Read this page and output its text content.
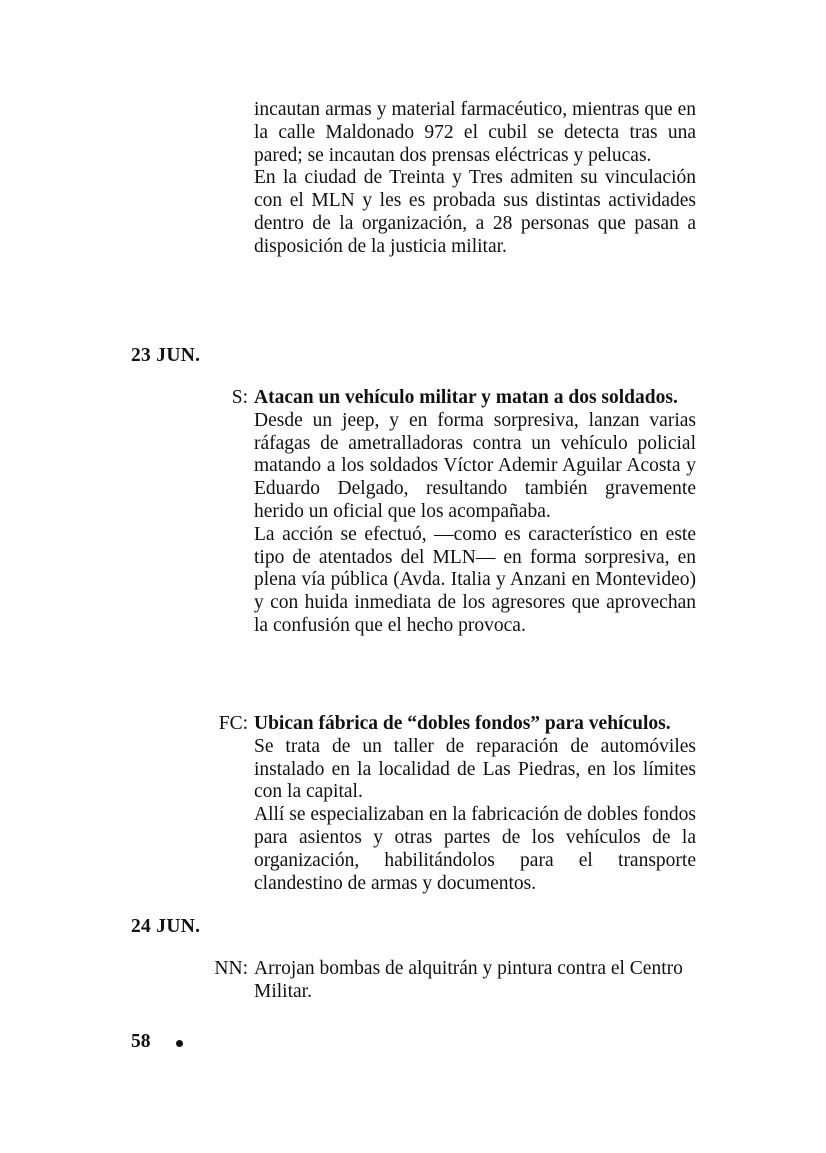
incautan armas y material farmacéutico, mientras que en la calle Maldonado 972 el cubil se detecta tras una pared; se incautan dos prensas eléctricas y pelucas.

En la ciudad de Treinta y Tres admiten su vinculación con el MLN y les es probada sus distintas actividades dentro de la organización, a 28 personas que pasan a disposición de la justicia militar.

23 JUN.
S: Atacan un vehículo militar y matan a dos soldados.

Desde un jeep, y en forma sorpresiva, lanzan varias ráfagas de ametralladoras contra un vehículo policial matando a los soldados Víctor Ademir Aguilar Acosta y Eduardo Delgado, resultando también gravemente herido un oficial que los acompañaba.

La acción se efectuó, —como es característico en este tipo de atentados del MLN— en forma sorpresiva, en plena vía pública (Avda. Italia y Anzani en Montevideo) y con huida inmediata de los agresores que aprovechan la confusión que el hecho provoca.

FC: Ubican fábrica de “dobles fondos” para vehículos.

Se trata de un taller de reparación de automóviles instalado en la localidad de Las Piedras, en los límites con la capital.

Allí se especializaban en la fabricación de dobles fondos para asientos y otras partes de los vehículos de la organización, habilitándolos para el transporte clandestino de armas y documentos.

24 JUN.
NN: Arrojan bombas de alquitrán y pintura contra el Centro Militar.

58
